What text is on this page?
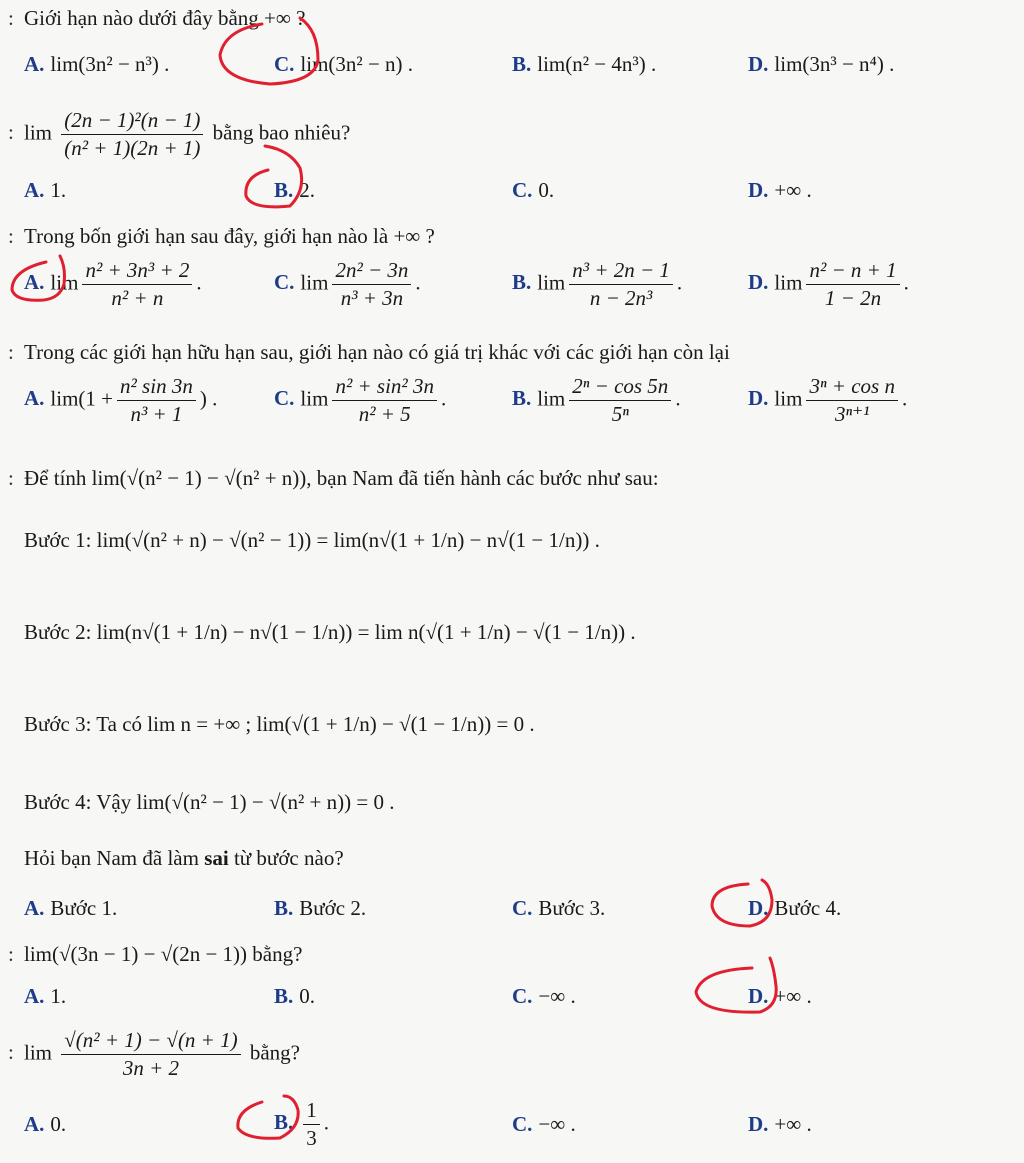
: Giới hạn nào dưới đây bằng +∞ ?
A. lim(3n² − n³) .	C. lim(3n² − n) .	B. lim(n² − 4n³) .	D. lim(3n³ − n⁴) .
: $\lim \frac{\text{(2n − 1)²(n − 1)}}{\text{(n² + 1)(2n + 1)}}$ bằng bao nhiêu?
A. 1.	B. 2.	C. 0.	D. +∞ .
: Trong bốn giới hạn sau đây, giới hạn nào là +∞ ?
A. $\lim \frac{\text{n² + 3n³ + 2}}{\text{n² + n}}$ .	C. $\lim \frac{\text{2n² − 3n}}{\text{n³ + 3n}}$ .	B. $\lim \frac{\text{n³ + 2n − 1}}{\text{n − 2n³}}$ .	D. $\lim \frac{\text{n² − n + 1}}{1 - 2n}$ .
: Trong các giới hạn hữu hạn sau, giới hạn nào có giá trị khác với các giới hạn còn lại
A. $\lim(1 + \frac{\text{n² sin 3n}}{\text{n³ + 1}}$ ) .	C. $\lim \frac{\text{n² + sin² 3n}}{\text{n² + 5}}$ .	B. $\lim \frac{\text{2ⁿ − cos 5n}}{\text{5ⁿ}}$ .	D. $\lim \frac{\text{3ⁿ + cos n}}{\text{3ⁿ⁺¹}}$ .
: Để tính lim(√(n² − 1) − √(n² + n)), bạn Nam đã tiến hành các bước như sau:
Bước 1: lim(√(n² + n) − √(n² − 1)) = lim(n√(1 + 1/n) − n√(1 − 1/n)) .
Bước 2: lim(n√(1 + 1/n) − n√(1 − 1/n)) = lim n(√(1 + 1/n) − √(1 − 1/n)) .
Bước 3: Ta có lim n = +∞ ; lim(√(1 + 1/n) − √(1 − 1/n)) = 0 .
Bước 4: Vậy lim(√(n² − 1) − √(n² + n)) = 0 .
Hỏi bạn Nam đã làm sai từ bước nào?
A. Bước 1.	B. Bước 2.	C. Bước 3.	D. Bước 4.
: lim(√(3n − 1) − √(2n − 1)) bằng?
A. 1.	B. 0.	C. −∞ .	D. +∞ .
: $\lim \frac{\text{√(n² + 1) − √(n + 1)}}{3n + 2}$ bằng?
A. 0.	B. $\frac{1}{3}$ .	C. −∞ .	D. +∞ .
